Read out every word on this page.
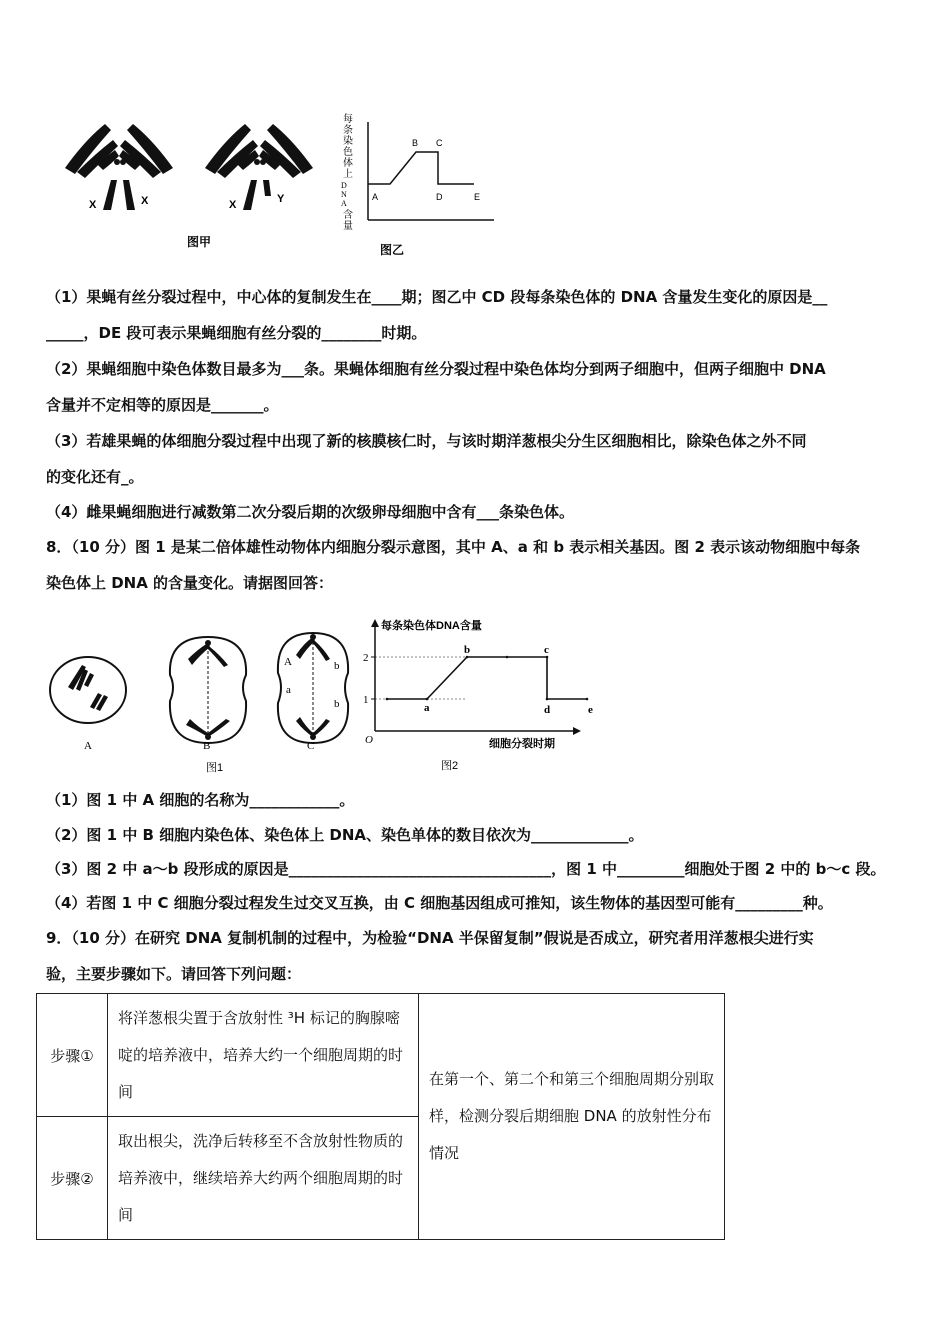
X	X	X	Y
图甲
每 条 染 色 体 上 D N A 含 量
A
B C
D	E
图乙
（1）果蝇有丝分裂过程中，中心体的复制发生在____期；图乙中 CD 段每条染色体的 DNA 含量发生变化的原因是__
_____，DE 段可表示果蝇细胞有丝分裂的________时期。
（2）果蝇细胞中染色体数目最多为___条。果蝇体细胞有丝分裂过程中染色体均分到两子细胞中，但两子细胞中 DNA
含量并不定相等的原因是_______。
（3）若雄果蝇的体细胞分裂过程中出现了新的核膜核仁时，与该时期洋葱根尖分生区细胞相比，除染色体之外不同
的变化还有_。
（4）雌果蝇细胞进行减数第二次分裂后期的次级卵母细胞中含有___条染色体。
8．（10 分）图 1 是某二倍体雄性动物体内细胞分裂示意图，其中 A、a 和 b 表示相关基因。图 2 表示该动物细胞中每条
染色体上 DNA 的含量变化。请据图回答：
A
a
b
b
A	B	C
图1
每条染色体DNA含量
O	细胞分裂时期
1
2
a
b	c
d	e
图2
（1）图 1 中 A 细胞的名称为____________。
（2）图 1 中 B 细胞内染色体、染色体上 DNA、染色单体的数目依次为_____________。
（3）图 2 中 a～b 段形成的原因是___________________________________，图 1 中_________细胞处于图 2 中的 b～c 段。
（4）若图 1 中 C 细胞分裂过程发生过交叉互换，由 C 细胞基因组成可推知，该生物体的基因型可能有_________种。
9．（10 分）在研究 DNA 复制机制的过程中，为检验“DNA 半保留复制”假说是否成立，研究者用洋葱根尖进行实
验，主要步骤如下。请回答下列问题：
步骤①	将洋葱根尖置于含放射性 ³H 标记的胸腺嘧啶的培养液中，培养大约一个细胞周期的时间	在第一个、第二个和第三个细胞周期分别取样，检测分裂后期细胞 DNA 的放射性分布情况
步骤②	取出根尖，洗净后转移至不含放射性物质的培养液中，继续培养大约两个细胞周期的时间	
